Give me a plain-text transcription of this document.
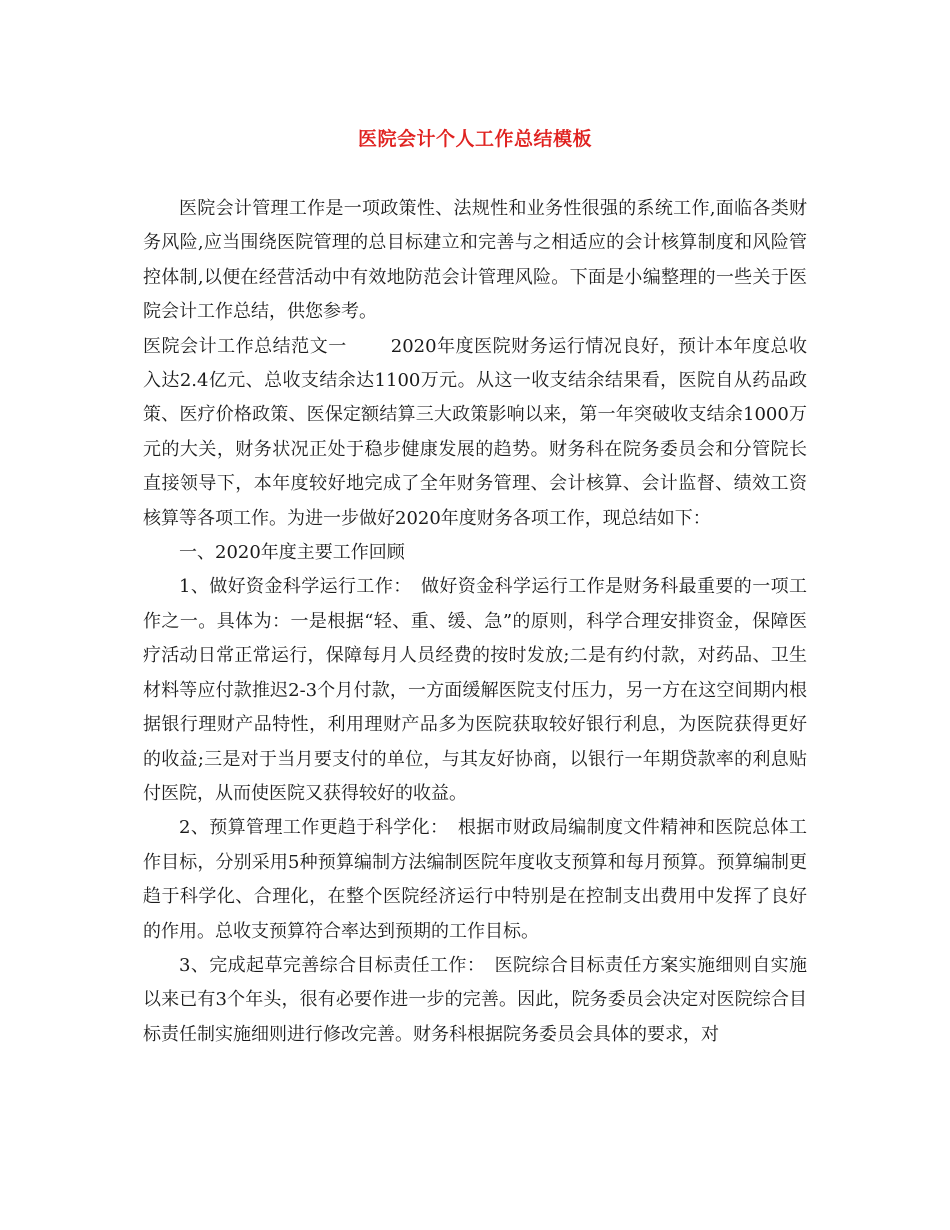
医院会计个人工作总结模板

医院会计管理工作是一项政策性、法规性和业务性很强的系统工作,面临各类财务风险,应当围绕医院管理的总目标建立和完善与之相适应的会计核算制度和风险管控体制,以便在经营活动中有效地防范会计管理风险。下面是小编整理的一些关于医院会计工作总结，供您参考。

医院会计工作总结范文一 2020年度医院财务运行情况良好，预计本年度总收入达2.4亿元、总收支结余达1100万元。从这一收支结余结果看，医院自从药品政策、医疗价格政策、医保定额结算三大政策影响以来，第一年突破收支结余1000万元的大关，财务状况正处于稳步健康发展的趋势。财务科在院务委员会和分管院长直接领导下，本年度较好地完成了全年财务管理、会计核算、会计监督、绩效工资核算等各项工作。为进一步做好2020年度财务各项工作，现总结如下：

一、2020年度主要工作回顾

1、做好资金科学运行工作：　做好资金科学运行工作是财务科最重要的一项工作之一。具体为：一是根据“轻、重、缓、急”的原则，科学合理安排资金，保障医疗活动日常正常运行，保障每月人员经费的按时发放;二是有约付款，对药品、卫生材料等应付款推迟2-3个月付款，一方面缓解医院支付压力，另一方在这空间期内根据银行理财产品特性，利用理财产品多为医院获取较好银行利息，为医院获得更好的收益;三是对于当月要支付的单位，与其友好协商，以银行一年期贷款率的利息贴付医院，从而使医院又获得较好的收益。

2、预算管理工作更趋于科学化：　根据市财政局编制度文件精神和医院总体工作目标，分别采用5种预算编制方法编制医院年度收支预算和每月预算。预算编制更趋于科学化、合理化，在整个医院经济运行中特别是在控制支出费用中发挥了良好的作用。总收支预算符合率达到预期的工作目标。

3、完成起草完善综合目标责任工作：　医院综合目标责任方案实施细则自实施以来已有3个年头，很有必要作进一步的完善。因此，院务委员会决定对医院综合目标责任制实施细则进行修改完善。财务科根据院务委员会具体的要求，对
